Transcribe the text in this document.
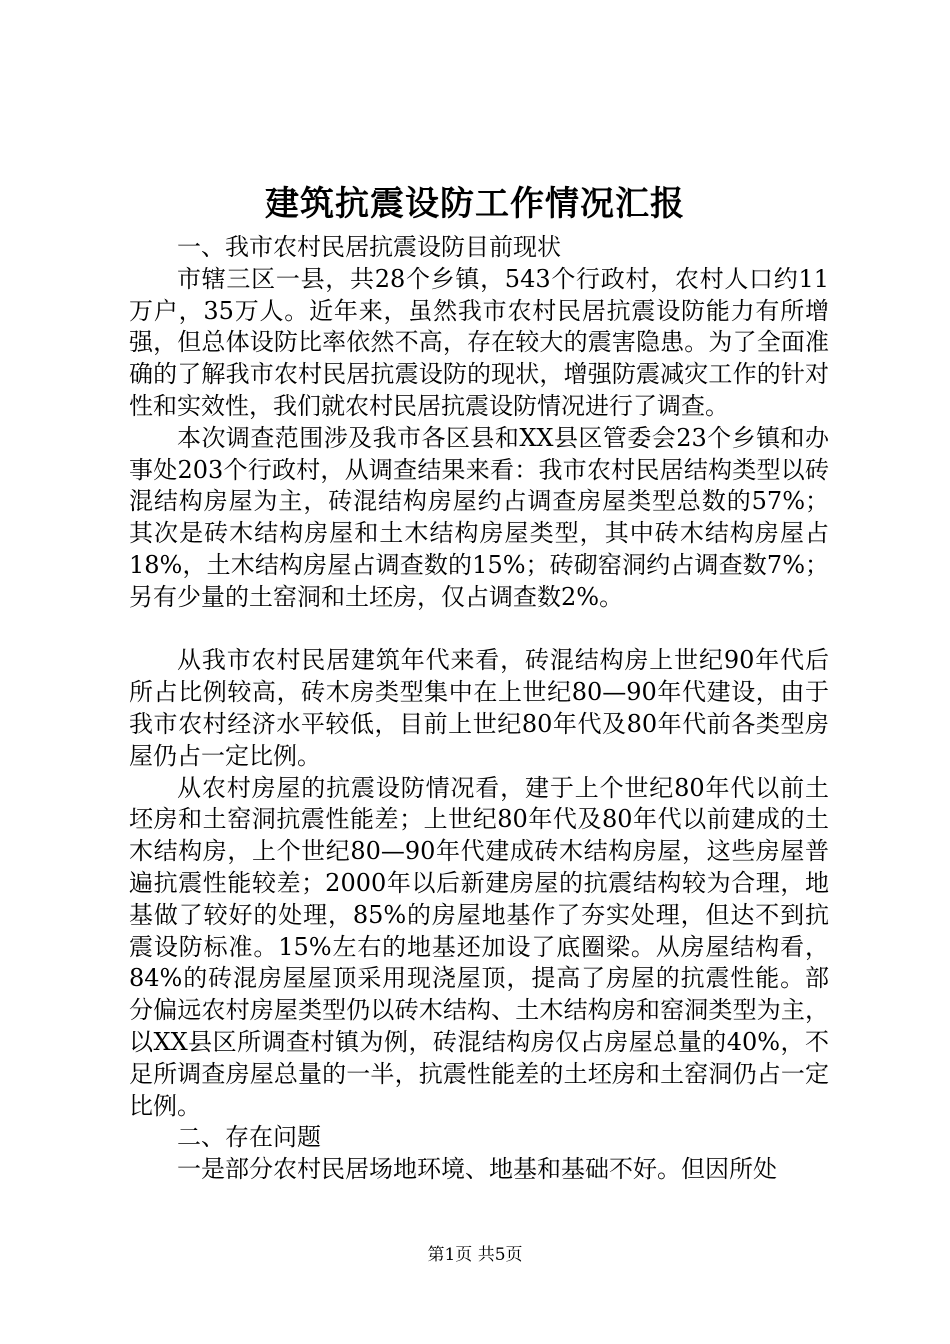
建筑抗震设防工作情况汇报

一、我市农村民居抗震设防目前现状

市辖三区一县，共28个乡镇，543个行政村，农村人口约11万户，35万人。近年来，虽然我市农村民居抗震设防能力有所增强，但总体设防比率依然不高，存在较大的震害隐患。为了全面准确的了解我市农村民居抗震设防的现状，增强防震减灾工作的针对性和实效性，我们就农村民居抗震设防情况进行了调查。

本次调查范围涉及我市各区县和XX县区管委会23个乡镇和办事处203个行政村，从调查结果来看：我市农村民居结构类型以砖混结构房屋为主，砖混结构房屋约占调查房屋类型总数的57%；其次是砖木结构房屋和土木结构房屋类型，其中砖木结构房屋占18%，土木结构房屋占调查数的15%；砖砌窑洞约占调查数7%；另有少量的土窑洞和土坯房，仅占调查数2%。

从我市农村民居建筑年代来看，砖混结构房上世纪90年代后所占比例较高，砖木房类型集中在上世纪80—90年代建设，由于我市农村经济水平较低，目前上世纪80年代及80年代前各类型房屋仍占一定比例。

从农村房屋的抗震设防情况看，建于上个世纪80年代以前土坯房和土窑洞抗震性能差；上世纪80年代及80年代以前建成的土木结构房，上个世纪80—90年代建成砖木结构房屋，这些房屋普遍抗震性能较差；2000年以后新建房屋的抗震结构较为合理，地基做了较好的处理，85%的房屋地基作了夯实处理，但达不到抗震设防标准。15%左右的地基还加设了底圈梁。从房屋结构看，84%的砖混房屋屋顶采用现浇屋顶，提高了房屋的抗震性能。部分偏远农村房屋类型仍以砖木结构、土木结构房和窑洞类型为主，以XX县区所调查村镇为例，砖混结构房仅占房屋总量的40%，不足所调查房屋总量的一半，抗震性能差的土坯房和土窑洞仍占一定比例。

二、存在问题

一是部分农村民居场地环境、地基和基础不好。但因所处

第1页 共5页
